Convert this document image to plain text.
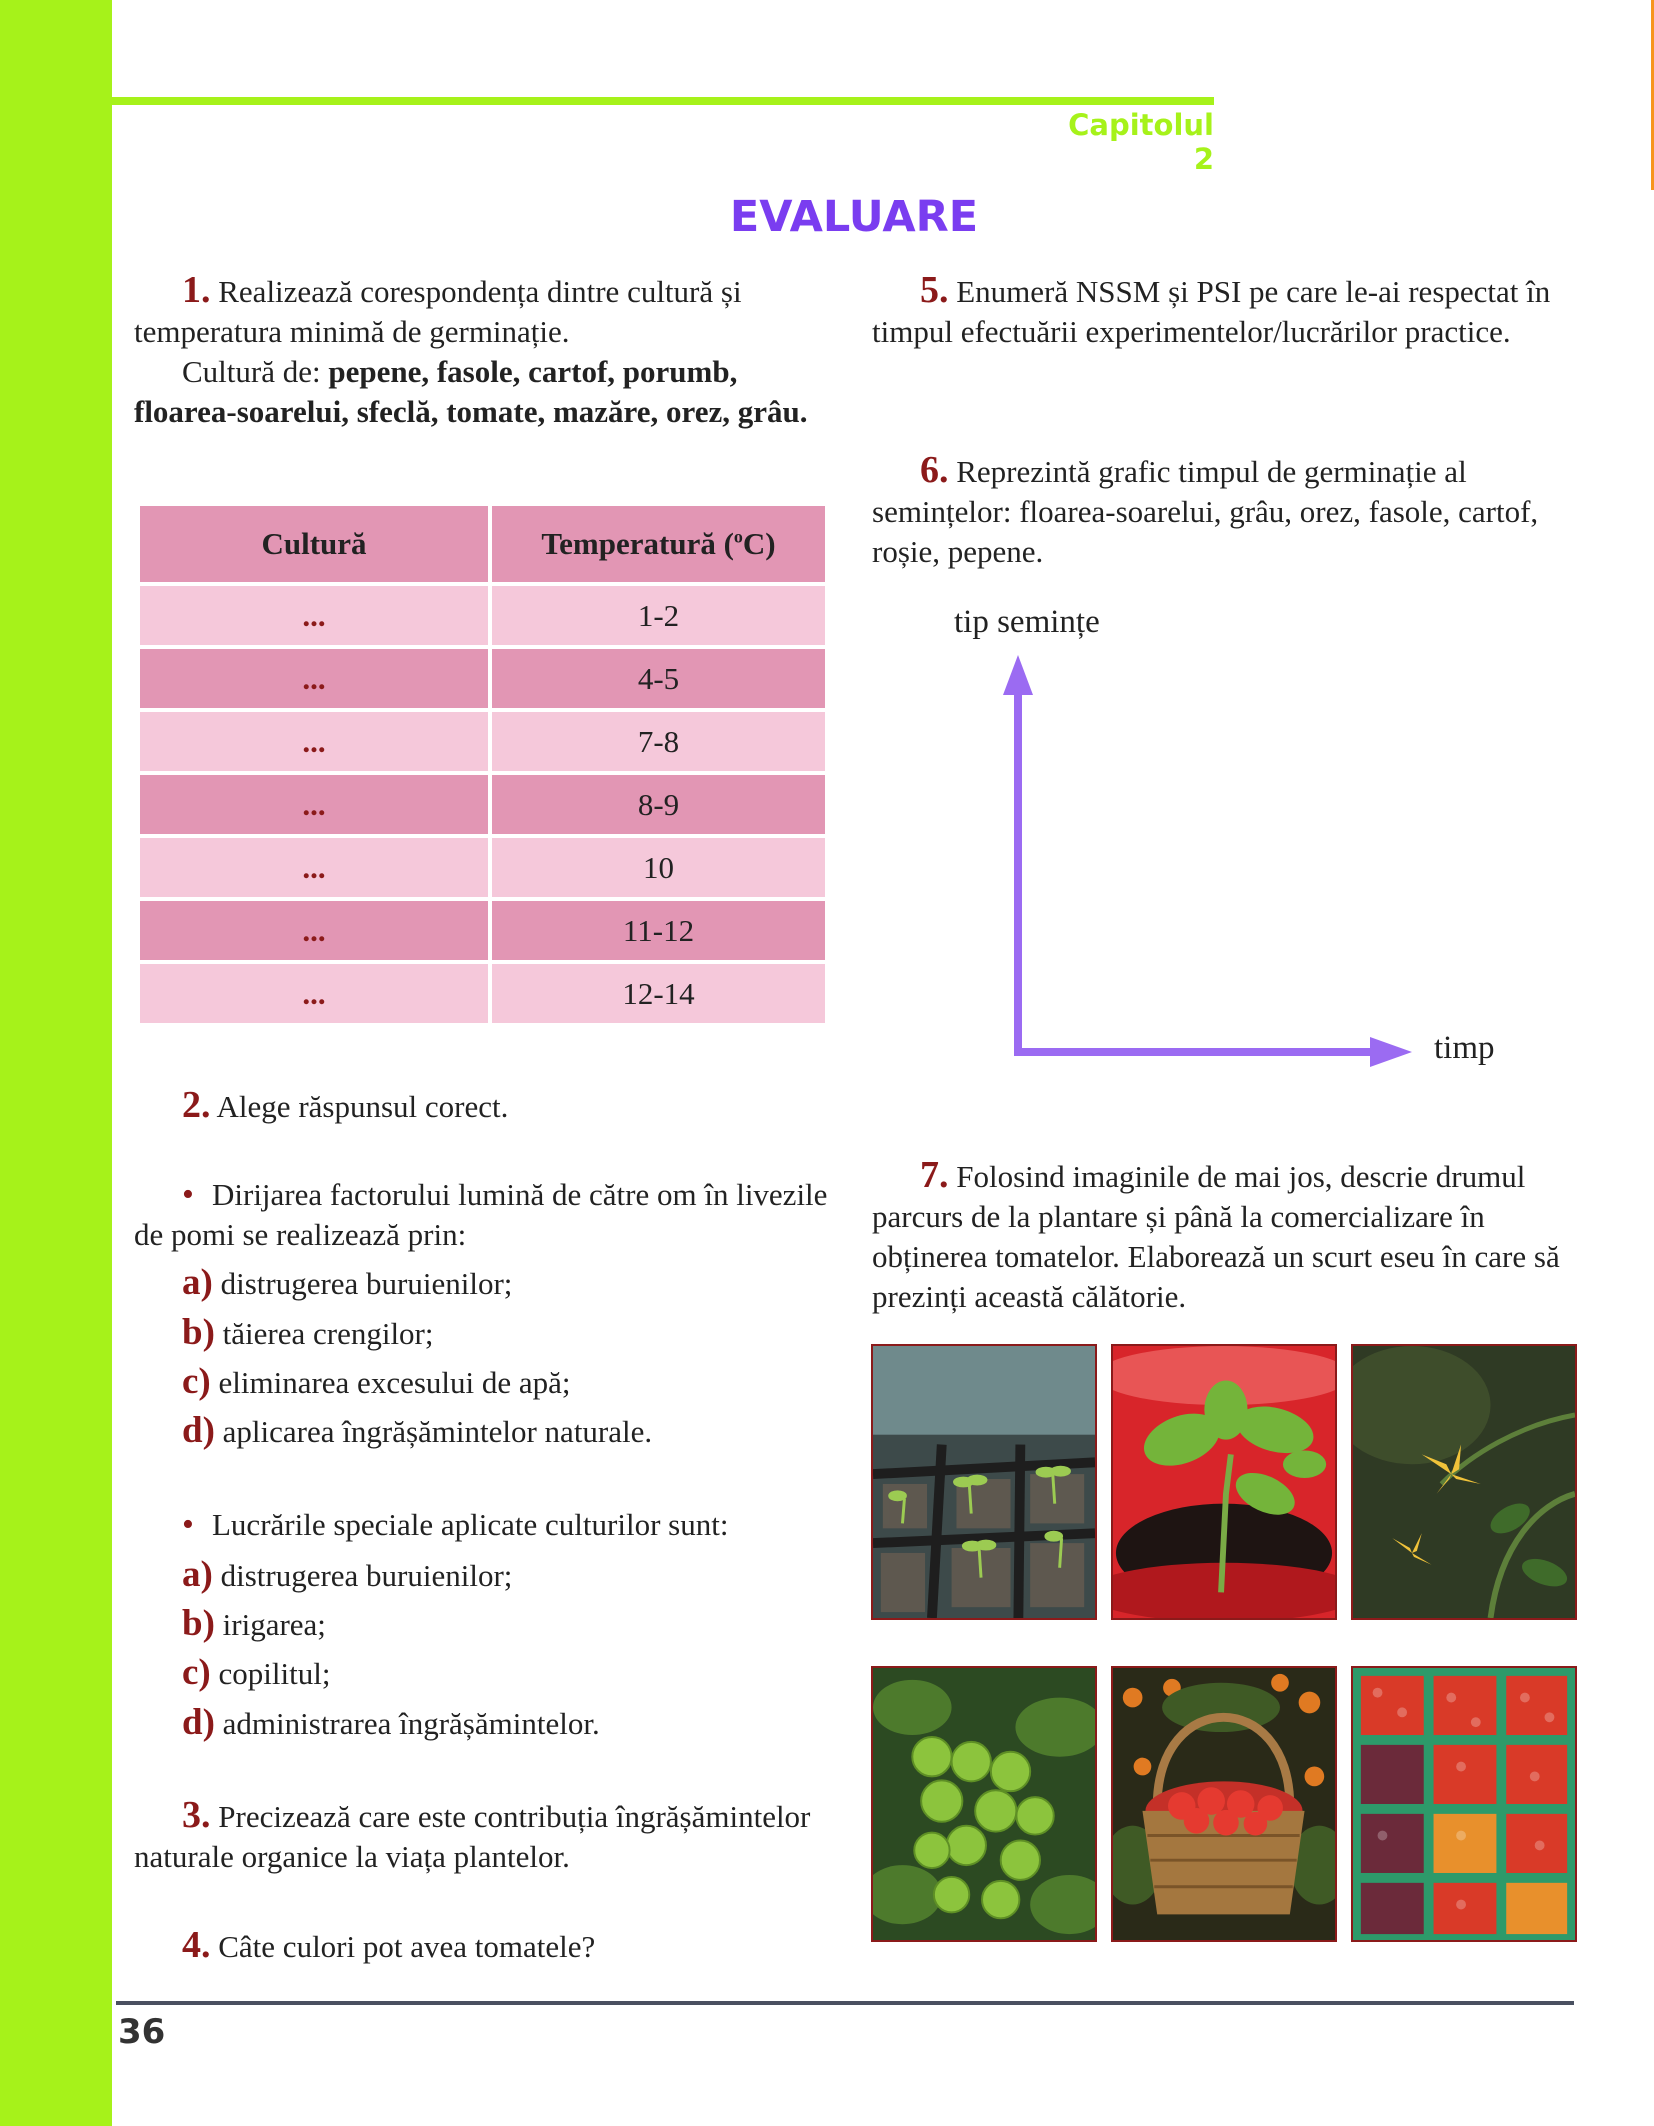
Capitolul 2
EVALUARE

1. Realizează corespondența dintre cultură și temperatura minimă de germinație.
Cultură de: pepene, fasole, cartof, porumb, floarea-soarelui, sfeclă, tomate, mazăre, orez, grâu.

Cultură	Temperatură ($^o$C)
...	1-2
...	4-5
...	7-8
...	8-9
...	10
...	11-12
...	12-14

2. Alege răspunsul corect.

• Dirijarea factorului lumină de către om în livezile de pomi se realizează prin:

a) distrugerea buruienilor;
b) tăierea crengilor;
c) eliminarea excesului de apă;
d) aplicarea îngrășămintelor naturale.

• Lucrările speciale aplicate culturilor sunt:

a) distrugerea buruienilor;
b) irigarea;
c) copilitul;
d) administrarea îngrășămintelor.

3. Precizează care este contribuția îngrășămintelor naturale organice la viața plantelor.

4. Câte culori pot avea tomatele?

5. Enumeră NSSM și PSI pe care le-ai respectat în timpul efectuării experimentelor/lucrărilor practice.

6. Reprezintă grafic timpul de germinație al semințelor: floarea-soarelui, grâu, orez, fasole, cartof, roșie, pepene.

tip semințe
timp

7. Folosind imaginile de mai jos, descrie drumul parcurs de la plantare și până la comercializare în obținerea tomatelor. Elaborează un scurt eseu în care să prezinți această călătorie.

36
